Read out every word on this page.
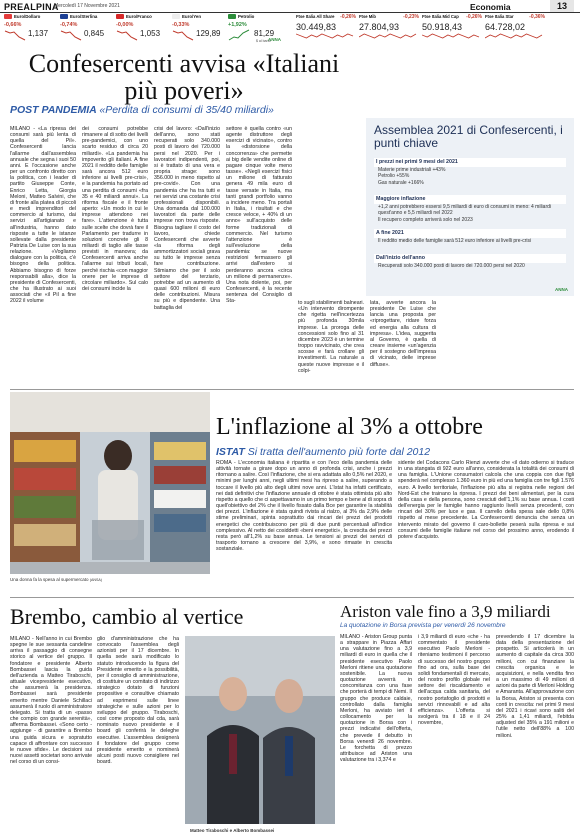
PREALPINA
Mercoledì 17 Novembre 2021	Economia	13
Euro/Dollaro
-0,66%
1,137
Euro/Sterlina
-0,74%
0,845
Euro/Franco
-0,00%
1,053
Euro/Yen
-0,33%
129,89
Petrolio
+1,92%
81,29
$ al barile
Ftse Italia All Share -0,26%
30.449,83
Ftse Mib	-0,23%
27.804,93
Ftse Italia Mid Cap -0,26%
50.918,43
Ftse Italia Star	-0,36%
64.728,02
ANNA
Confesercenti avvisa «Italiani più poveri»
POST PANDEMIA «Perdita di consumi di 35/40 miliardi»
MILANO - «La ripresa dei consumi sarà più lenta di quella del Pil». Confesercenti lancia l'allarme dall'assemblea annuale che segna i suoi 50 anni. E l'occasione anche per un confronto diretto con la politica, con i leader di partito Giuseppe Conte, Enrico Letta, Giorgia Meloni, Matteo Salvini, che di fronte alla platea di piccoli e medi imprenditori del commercio al turismo, dai servizi all'artigianato e all'industria, hanno dato risposte a tutte le istanze sollevate dalla presidente Patrizia De Luise con la sua relazione. «Vogliamo dialogare con la politica, c'è bisogno della politica. Abbiamo bisogno di forze responsabili alla», dice la presidente di Confesercenti, che ha illustrato ai suoi associati che «il Pil a fine 2022 il volume
dei consumi potrebbe rimanere al di sotto dei livelli pre-pandemici, con uno scarto residuo di circa 20 miliardi». «La pandemia ha impoverito gli italiani. A fine 2021 il reddito delle famiglie sarà ancora 512 euro inferiore ai livelli pre-crisi», e la pandemia ha portato ad una perdita di consumi «fra 35 e 40 miliardi annui». La riforma fiscale e il fronte aperto: «Un modo in cui le imprese attendono nei fare». L'attenzione è tutta sulle scelte che dovrà fare il Parlamento per tradurre in soluzioni concrete gli 8 miliardi di taglio alle tasse previsti in manovra; da Confesercenti arriva anche l'allarme sui tributi locali, perché rischia «con maggior onere per le imprese di circolare miliardo». Sul calo dei consumi incide la
crisi del lavoro: «Dall'inizio dell'anno, sono stati recuperati solo 340.000 posti di lavoro dei 720.000 persi nel 2020. Per i lavoratori indipendenti, poi, si è trattato di una vera e propria strage: sono 356.000 in meno rispetto al pre-covid». Con una pandemia che ha tra tutti e nei servizi una costante crisi professionali disponibili. Una domanda dal 100.000 lavoratori da parte delle imprese non trova risposte. Bisogna tagliare il costo del lavoro, chiede Confesercenti che avverte «la riforma degli ammortizzatori sociali grava su tutto le imprese senza fare contribuzione. Stimiamo che per il solo settore del terziario, potrebbe ad un aumento di quasi 600 milioni di euro delle contribuzioni. Misura su più e dipendente. Una battaglia del
settore è quella contro «un agente distruttore degli esercizi di vicinato», contro la «distorsione della concorrenza» che permette ai big delle vendite online di pagare cinque volte meno tasse». «Negli esercizi fisici un milione di fatturato genera 49 mila euro di tasse versate in Italia, ma tanti grandi portfolio vanno a incidere meno. Tra portali in Italia, i risultati e che cresce veloce, + 40% di un anno» sull'acquisto delle forme tradizionali di commercio. Nel turismo l'attenzione è sull'evoluzione della pandemia: se nuove restrizioni fermassero gli arrivi dall'estero si perderanno ancora «circa un milione di permanenze». Una nota dolente, poi, per Confesercenti, è la recente sentenza del Consiglio di Sta-	to sugli stabilimenti balneari. «Un intervento dirompente che rigetta nell'incertezza più profonda 30mila imprese. La proroga delle concessioni solo fino al 31 dicembre 2023 è un termine troppo ravvicinato, che crea scosse e farà crollare gli investimenti. La naturale a queste nuove impresse e il colpi-
lata, avverte ancora la presidente De Luise che lancia una proposta per «riprogettare, ridare forza ed energia alla cultura di impresa». L'idea, suggerita al Governo, è quella di creare insieme «un'agenzia per il sostegno dell'impresa di vicinato, delle imprese diffuse».
Assemblea 2021 di Confesercenti, i punti chiave
I prezzi nei primi 9 mesi del 2021
Materie prime industriali +43%
Petrolio +55%
Gas naturale +166%
Maggiore inflazione
+1,2 anni potrebbero essersi 9,5 miliardi di euro di consumi in meno: 4 miliardi quest'anno e 5,5 miliardi nel 2022
Il recupero completo arriverà solo nel 2023
A fine 2021
Il reddito medio delle famiglie sarà 512 euro inferiore ai livelli pre-crisi
Dall'inizio dell'anno
Recuperati solo 340.000 posti di lavoro dei 720.000 persi nel 2020
ANNA
L'inflazione al 3% a ottobre
ISTAT Si tratta dell'aumento più forte dal 2012
Una donna fa la spesa al supermercato (ANSA)
ROMA - L'economia italiana è ripartita e con l'eco della pandemia delle attività tornate a girare dopo un anno di profonda crisi, anche i prezzi ritornano a salire. Così l'inflazione, che si era adattata allo 0,5% nel 2020, e minimi per lunghi anni, negli ultimi mesi ha ripreso a salire, superando a toccare il livello più alto degli ultimi nove anni. L'Istat ha infatti certificato, nei dati definitivi che l'inflazione annuale di ottobre è stata ottimista più alto rispetto a quello che ci aspettavamo in un primo tempo e bene al di sopra di quell'obiettivo del 2% che il livello fissato dalla Bce per garantire la stabilità dei prezzi. L'inflazione è stata quindi rivista al rialzo, al 3% da 2,9% delle stime preliminari, spinta soprattutto dai rincari dei prezzi dei prodotti energetici che contribuiscono per più di due punti percentuali all'indice complessivo. Al netto dei cosiddetti «beni energetici», la crescita dei prezzi resta però all'1,2% su base annua. Le tensioni ai prezzi dei servizi di trasporto tornano a crescere del 3,9%, e sono rimaste in crescita sostanziale.
sidente del Codacons Carlo Rienzi avverte che «il dato odierno si traduce in una stangata di 922 euro all'anno, considerata la totalità dei consumi di una famiglia. L'Unione consumatori calcola che una coppia con due figli spenderà nel complesso 1.360 euro in più ed una famiglia con tre figli 1.576 euro. A livello territoriale, l'inflazione più alta si registra nelle regioni del Nord-Est che trainano la ripresa. I prezzi dei beni alimentari, per la cura della casa e della persona, sono cresciuti dell'1,1% su base annua. I costi dell'energia per le famiglie hanno raggiunto livelli senza precedenti, con rincari del 30% per luce e gas. Il carrello della spesa sale dello 0,8% rispetto al mese precedente. La Confesercenti denuncia che senza un intervento mirato del governo il caro-bollette peserà sulla ripresa e sui consumi delle famiglie italiane nel corso del prossimo anno, erodendo il potere d'acquisto.
Brembo, cambio al vertice
MILANO - Nell'anno in cui Brembo spegne le sue sessanta candeline arriva il passaggio di consegne storico al vertice del gruppo. Il fondatore e presidente Alberto Bombassei lascia la guida dell'azienda a Matteo Tiraboschi, attuale vicepresidente esecutivo, che assumerà la presidenza. Bombassei sarà presidente emerito mentre Daniele Schillaci assumerà il ruolo di amministratore delegato. Si tratta di un «passo che compio con grande serenità», afferma Bombassei. «Sono certo - aggiunge - di garantire a Brembo una guida sicura e sopratutto capace di affrontare con successo le nuove sfide». Le decisioni sui nuovi assetti societari sono arrivate nel corso di un consi-
glio d'amministrazione che ha convocato l'assemblea degli azionisti per il 17 dicembre. In quella sede sarà modificato lo statuto introducendo la figura del Presidente emerito e la possibilità, per il consiglio di amministrazione, di costituire un comitato di indirizzo strategico dotato di funzioni propositive e consultive chiamato ad esprimersi sulle linee strategiche e sulle azioni per lo sviluppo del gruppo. Tiraboschi, così come proposto dal cda, sarà nominato nuovo presidente e il board gli conferirà le deleghe esecutive. L'assemblea designerà il fondatore del gruppo come presidente emerito e nominerà alcuni posti nuovo consigliere nel board.
Matteo Tiraboschi e Alberto Bombassei
Ariston vale fino a 3,9 miliardi
La quotazione in Borsa prevista per venerdì 26 novembre
MILANO - Ariston Group punta a strappare in Piazza Affari una valutazione fino a 3,9 miliardi di euro in quella che il presidente esecutivo Paolo Merloni ritiene una quotazione sostenibile. La nuova quotazione avverrà in concomitanza con una fase che porterà di tempi di Nemi. Il gruppo che produce caldaie, controllato dalla famiglia Merloni, ha avviato ieri il collocamento per la quotazione in Borsa con i prezzi indicativi dell'offerta, che prevede il debutto in Borsa venerdì 26 novembre. Le forchetta di prezzo attribuisce ad Ariston una valutazione tra i 3,374 e
i 3,9 miliardi di euro «che - ha commentato il presidente esecutivo Paolo Merloni - riteniamo testimoni il percorso di successo del nostro gruppo fino ad ora, sulla base dei solidi fondamentali di mercato, del nostro profilo globale nel settore dei riscaldamento e dell'acqua calda sanitaria, del nostro portafoglio di prodotti e servizi rinnovabili e ad alta efficienza». L'offerta si svolgerà tra il 18 e il 24 novembre,
prevedendo il 17 dicembre la data della presentazione del prospetto. Si articolerà in un aumento di capitale da circa 300 milioni, con cui finanziare la crescita organica e le acquisizioni, e nella vendita fino a un massimo di 49 milioni di azioni da parte di Merloni Holding e Amaranta. All'approvazione con la Borsa, Ariston si presenta con conti in crescita: nei primi 9 mesi del 2021 i ricavi sono saliti del 25% a 1,41 miliardi, l'ebitda adjusted del 35% a 191 milioni e l'utile netto dell'88% a 100 milioni.
